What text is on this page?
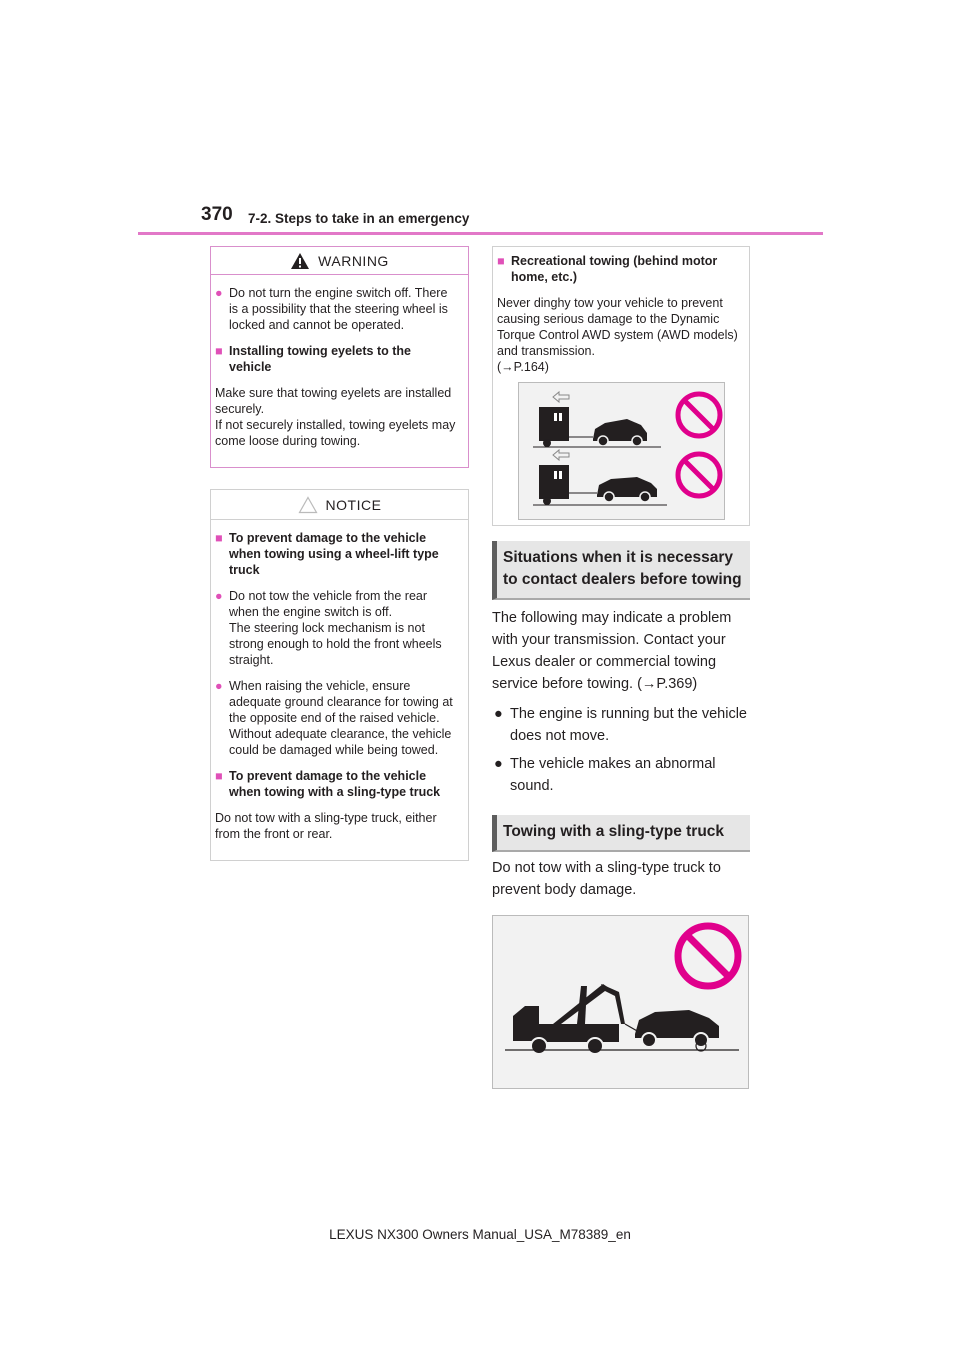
370 7-2. Steps to take in an emergency
WARNING
● Do not turn the engine switch off. There is a possibility that the steering wheel is locked and cannot be operated.
■ Installing towing eyelets to the vehicle
Make sure that towing eyelets are installed securely.
If not securely installed, towing eyelets may come loose during towing.
NOTICE
■ To prevent damage to the vehicle when towing using a wheel-lift type truck
● Do not tow the vehicle from the rear when the engine switch is off.
The steering lock mechanism is not strong enough to hold the front wheels straight.
● When raising the vehicle, ensure adequate ground clearance for towing at the opposite end of the raised vehicle.
Without adequate clearance, the vehicle could be damaged while being towed.
■ To prevent damage to the vehicle when towing with a sling-type truck
Do not tow with a sling-type truck, either from the front or rear.
■ Recreational towing (behind motor home, etc.)
Never dinghy tow your vehicle to prevent causing serious damage to the Dynamic Torque Control AWD system (AWD models) and transmission.
(→P.164)
Situations when it is necessary to contact dealers before towing
The following may indicate a problem with your transmission. Contact your Lexus dealer or commercial towing service before towing. (→P.369)
● The engine is running but the vehicle does not move.
● The vehicle makes an abnormal sound.
Towing with a sling-type truck
Do not tow with a sling-type truck to prevent body damage.
LEXUS NX300 Owners Manual_USA_M78389_en
